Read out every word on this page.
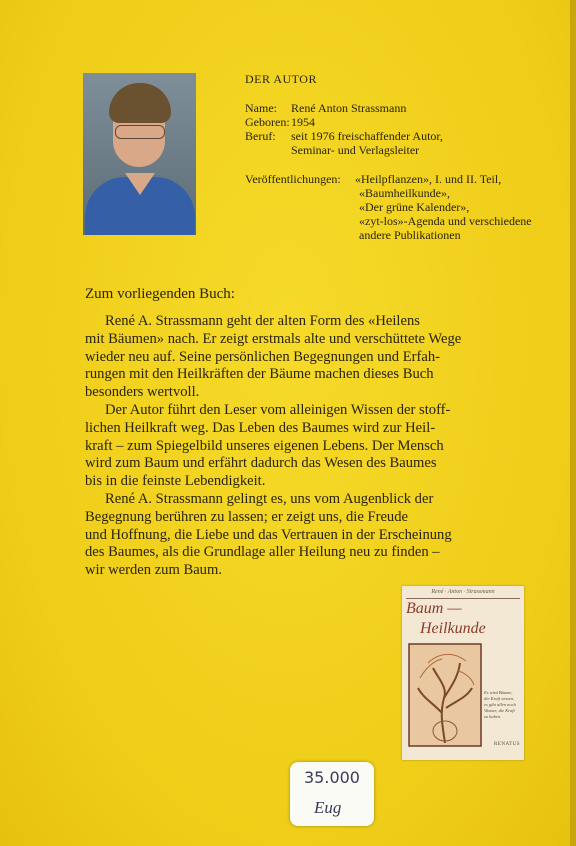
DER AUTOR
Name: René Anton Strassmann
Geboren: 1954
Beruf: seit 1976 freischaffender Autor,
Seminar- und Verlagsleiter
Veröffentlichungen: «Heilpflanzen», I. und II. Teil,
«Baumheilkunde»,
«Der grüne Kalender»,
«zyt-los»-Agenda und verschiedene
andere Publikationen
Zum vorliegenden Buch:
René A. Strassmann geht der alten Form des «Heilens
mit Bäumen» nach. Er zeigt erstmals alte und verschüttete Wege
wieder neu auf. Seine persönlichen Begegnungen und Erfah-
rungen mit den Heilkräften der Bäume machen dieses Buch
besonders wertvoll.
Der Autor führt den Leser vom alleinigen Wissen der stoff-
lichen Heilkraft weg. Das Leben des Baumes wird zur Heil-
kraft – zum Spiegelbild unseres eigenen Lebens. Der Mensch
wird zum Baum und erfährt dadurch das Wesen des Baumes
bis in die feinste Lebendigkeit.
René A. Strassmann gelingt es, uns vom Augenblick der
Begegnung berühren zu lassen; er zeigt uns, die Freude
und Hoffnung, die Liebe und das Vertrauen in der Erscheinung
des Baumes, als die Grundlage aller Heilung neu zu finden –
wir werden zum Baum.
René · Anton · Strassmann
Baum —
Heilkunde
Es wird Bäume,
die Kraft wissen,
es gibt allen noch
Wasser, die Kraft
zu haben.
RENATUS
35.000
Eug
